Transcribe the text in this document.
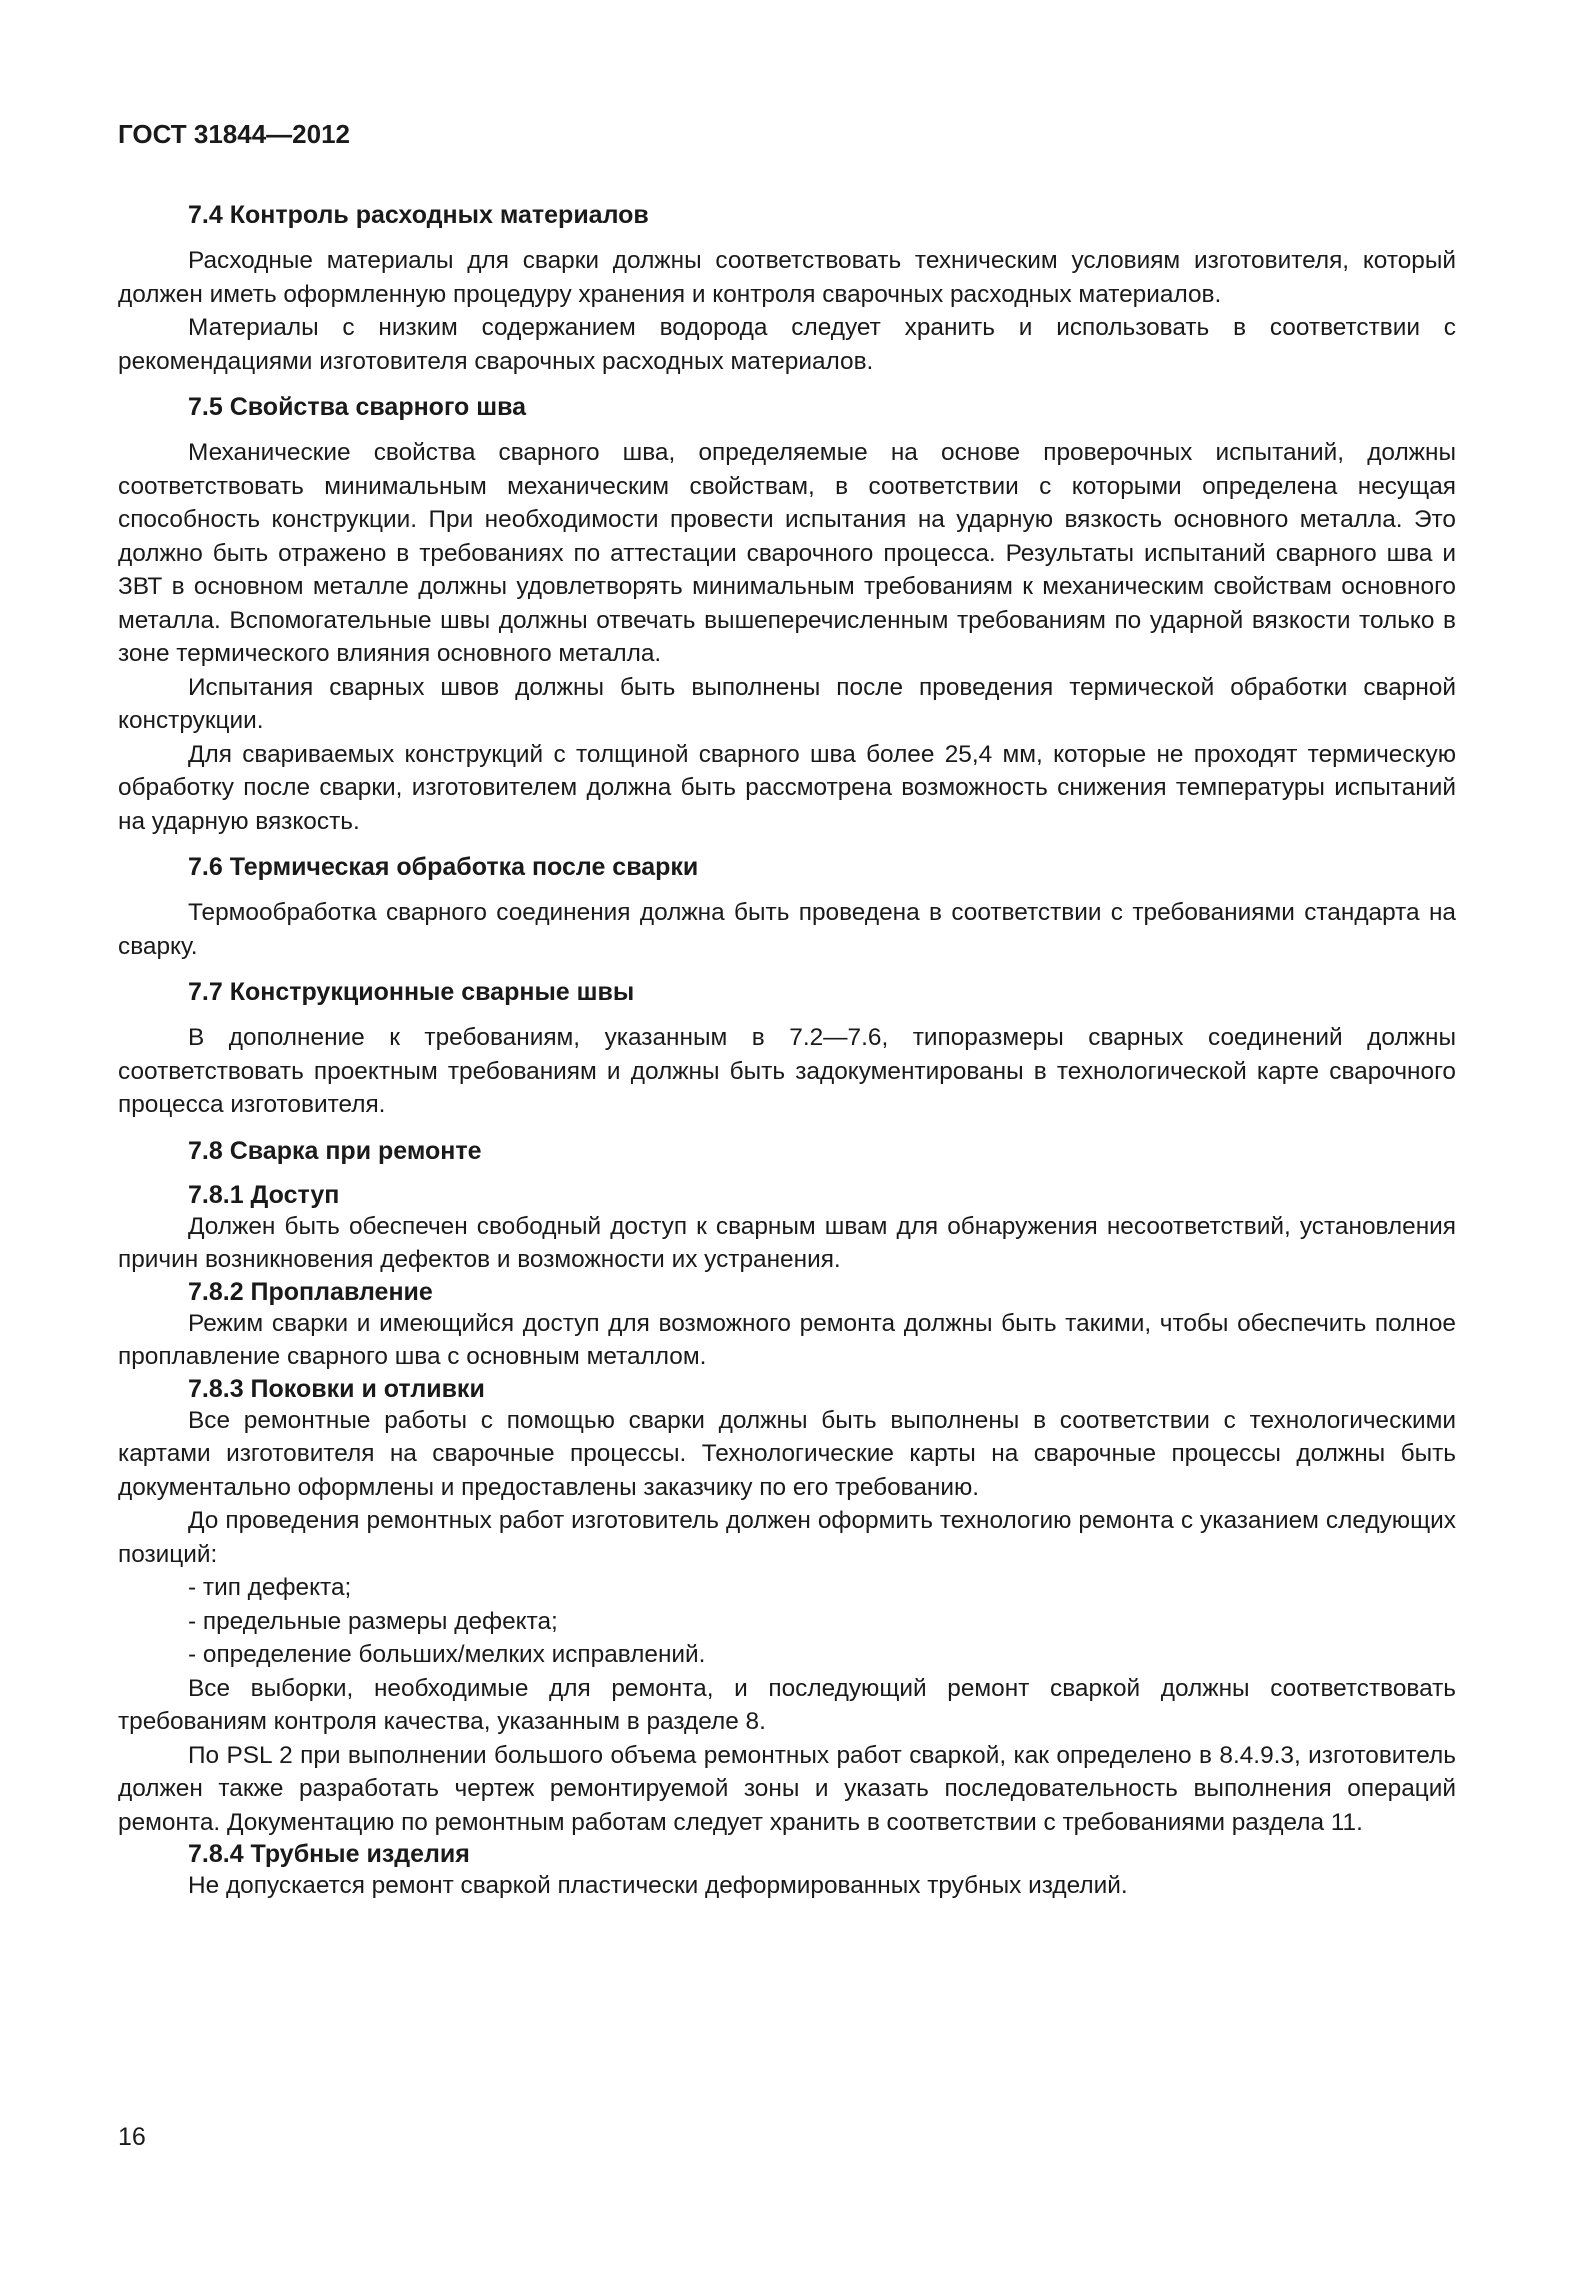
ГОСТ 31844—2012
7.4 Контроль расходных материалов

Расходные материалы для сварки должны соответствовать техническим условиям изготовителя, который должен иметь оформленную процедуру хранения и контроля сварочных расходных материалов.

Материалы с низким содержанием водорода следует хранить и использовать в соответствии с рекомендациями изготовителя сварочных расходных материалов.

7.5 Свойства сварного шва

Механические свойства сварного шва, определяемые на основе проверочных испытаний, должны соответствовать минимальным механическим свойствам, в соответствии с которыми определена несущая способность конструкции. При необходимости провести испытания на ударную вязкость основного металла. Это должно быть отражено в требованиях по аттестации сварочного процесса. Результаты испытаний сварного шва и ЗВТ в основном металле должны удовлетворять минимальным требованиям к механическим свойствам основного металла. Вспомогательные швы должны отвечать вышеперечисленным требованиям по ударной вязкости только в зоне термического влияния основного металла.

Испытания сварных швов должны быть выполнены после проведения термической обработки сварной конструкции.

Для свариваемых конструкций с толщиной сварного шва более 25,4 мм, которые не проходят термическую обработку после сварки, изготовителем должна быть рассмотрена возможность снижения температуры испытаний на ударную вязкость.

7.6 Термическая обработка после сварки

Термообработка сварного соединения должна быть проведена в соответствии с требованиями стандарта на сварку.

7.7 Конструкционные сварные швы

В дополнение к требованиям, указанным в 7.2—7.6, типоразмеры сварных соединений должны соответствовать проектным требованиям и должны быть задокументированы в технологической карте сварочного процесса изготовителя.

7.8 Сварка при ремонте
7.8.1 Доступ

Должен быть обеспечен свободный доступ к сварным швам для обнаружения несоответствий, установления причин возникновения дефектов и возможности их устранения.

7.8.2 Проплавление

Режим сварки и имеющийся доступ для возможного ремонта должны быть такими, чтобы обеспечить полное проплавление сварного шва с основным металлом.

7.8.3 Поковки и отливки

Все ремонтные работы с помощью сварки должны быть выполнены в соответствии с технологическими картами изготовителя на сварочные процессы. Технологические карты на сварочные процессы должны быть документально оформлены и предоставлены заказчику по его требованию.

До проведения ремонтных работ изготовитель должен оформить технологию ремонта с указанием следующих позиций:

- тип дефекта;
- предельные размеры дефекта;
- определение больших/мелких исправлений.

Все выборки, необходимые для ремонта, и последующий ремонт сваркой должны соответствовать требованиям контроля качества, указанным в разделе 8.

По PSL 2 при выполнении большого объема ремонтных работ сваркой, как определено в 8.4.9.3, изготовитель должен также разработать чертеж ремонтируемой зоны и указать последовательность выполнения операций ремонта. Документацию по ремонтным работам следует хранить в соответствии с требованиями раздела 11.

7.8.4 Трубные изделия

Не допускается ремонт сваркой пластически деформированных трубных изделий.

16
